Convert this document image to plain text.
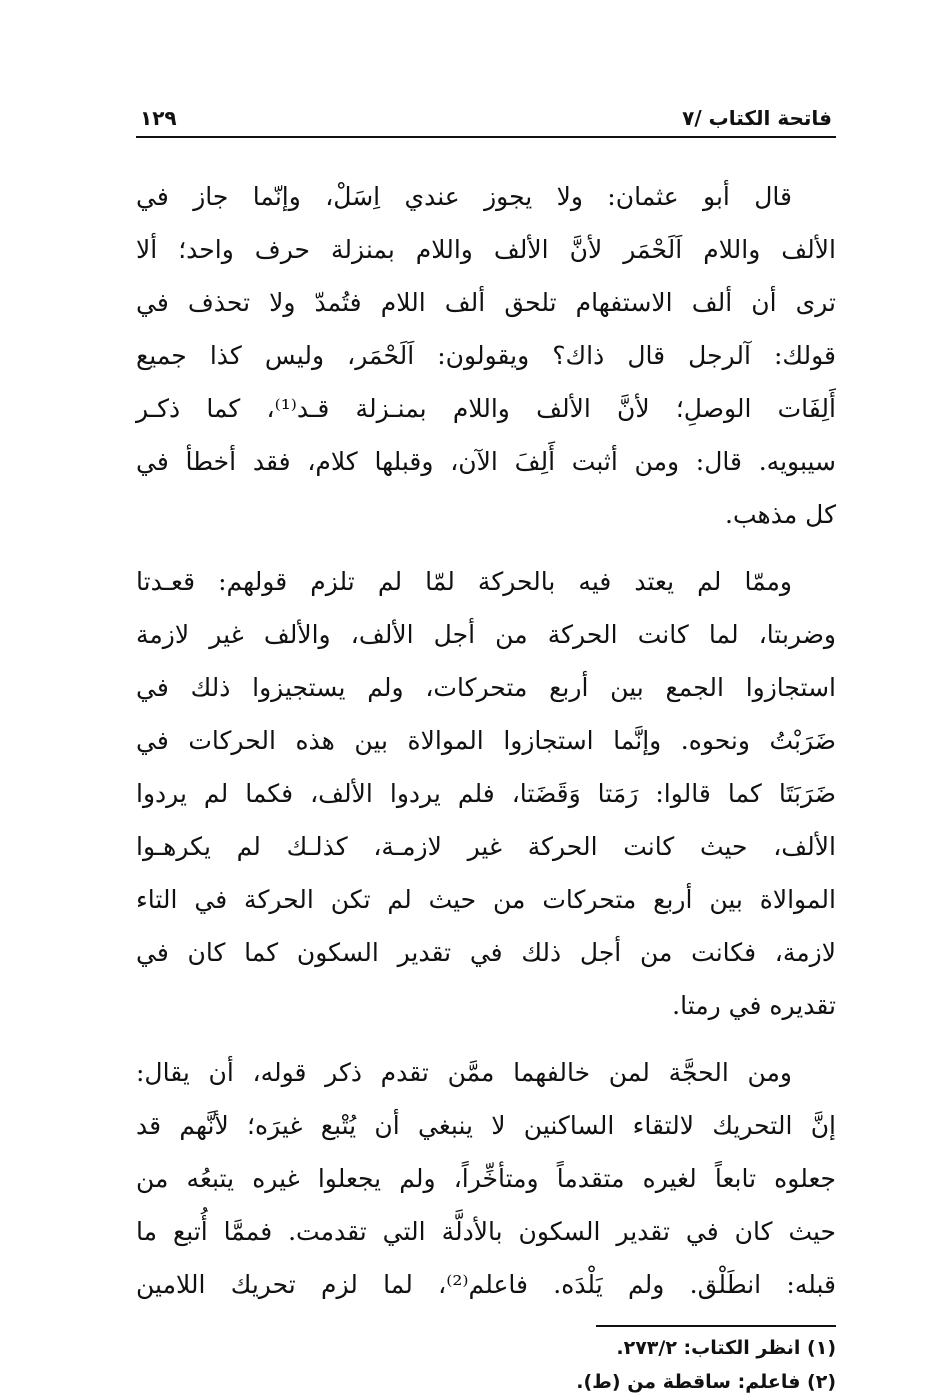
فاتحة الكتاب /٧
١٢٩

قال أبو عثمان: ولا يجوز عندي اِسَلْ، وإنّما جاز في
الألف واللام اَلَحْمَر لأنَّ الألف واللام بمنزلة حرف واحد؛ ألا
ترى أن ألف الاستفهام تلحق ألف اللام فتُمدّ ولا تحذف في
قولك: آلرجل قال ذاك؟ ويقولون: اَلَحْمَر، وليس كذا جميع
أَلِفَات الوصلِ؛ لأنَّ الألف واللام بمنـزلة قـد⁽¹⁾، كما ذكـر
سيبويه. قال: ومن أثبت أَلِفَ الآن، وقبلها كلام، فقد أخطأ في
كل مذهب.

وممّا لم يعتد فيه بالحركة لمّا لم تلزم قولهم: قعـدتا
وضربتا، لما كانت الحركة من أجل الألف، والألف غير لازمة
استجازوا الجمع بين أربع متحركات، ولم يستجيزوا ذلك في
ضَرَبْتُ ونحوه. وإنَّما استجازوا الموالاة بين هذه الحركات في
ضَرَبَتَا كما قالوا: رَمَتا وَقَضَتا، فلم يردوا الألف، فكما لم يردوا
الألف، حيث كانت الحركة غير لازمـة، كذلـك لم يكرهـوا
الموالاة بين أربع متحركات من حيث لم تكن الحركة في التاء
لازمة، فكانت من أجل ذلك في تقدير السكون كما كان في
تقديره في رمتا.

ومن الحجَّة لمن خالفهما ممَّن تقدم ذكر قوله، أن يقال:
إنَّ التحريك لالتقاء الساكنين لا ينبغي أن يُتْبع غيرَه؛ لأنَّهم قد
جعلوه تابعاً لغيره متقدماً ومتأخِّراً، ولم يجعلوا غيره يتبعُه من
حيث كان في تقدير السكون بالأدلَّة التي تقدمت. فممَّا أُتبع ما
قبله: انطَلْق. ولم يَلْدَه. فاعلم⁽²⁾، لما لزم تحريك اللامين

(١) انظر الكتاب: ٢٧٣/٢.
(٢) فاعلم: ساقطة من (ط).
